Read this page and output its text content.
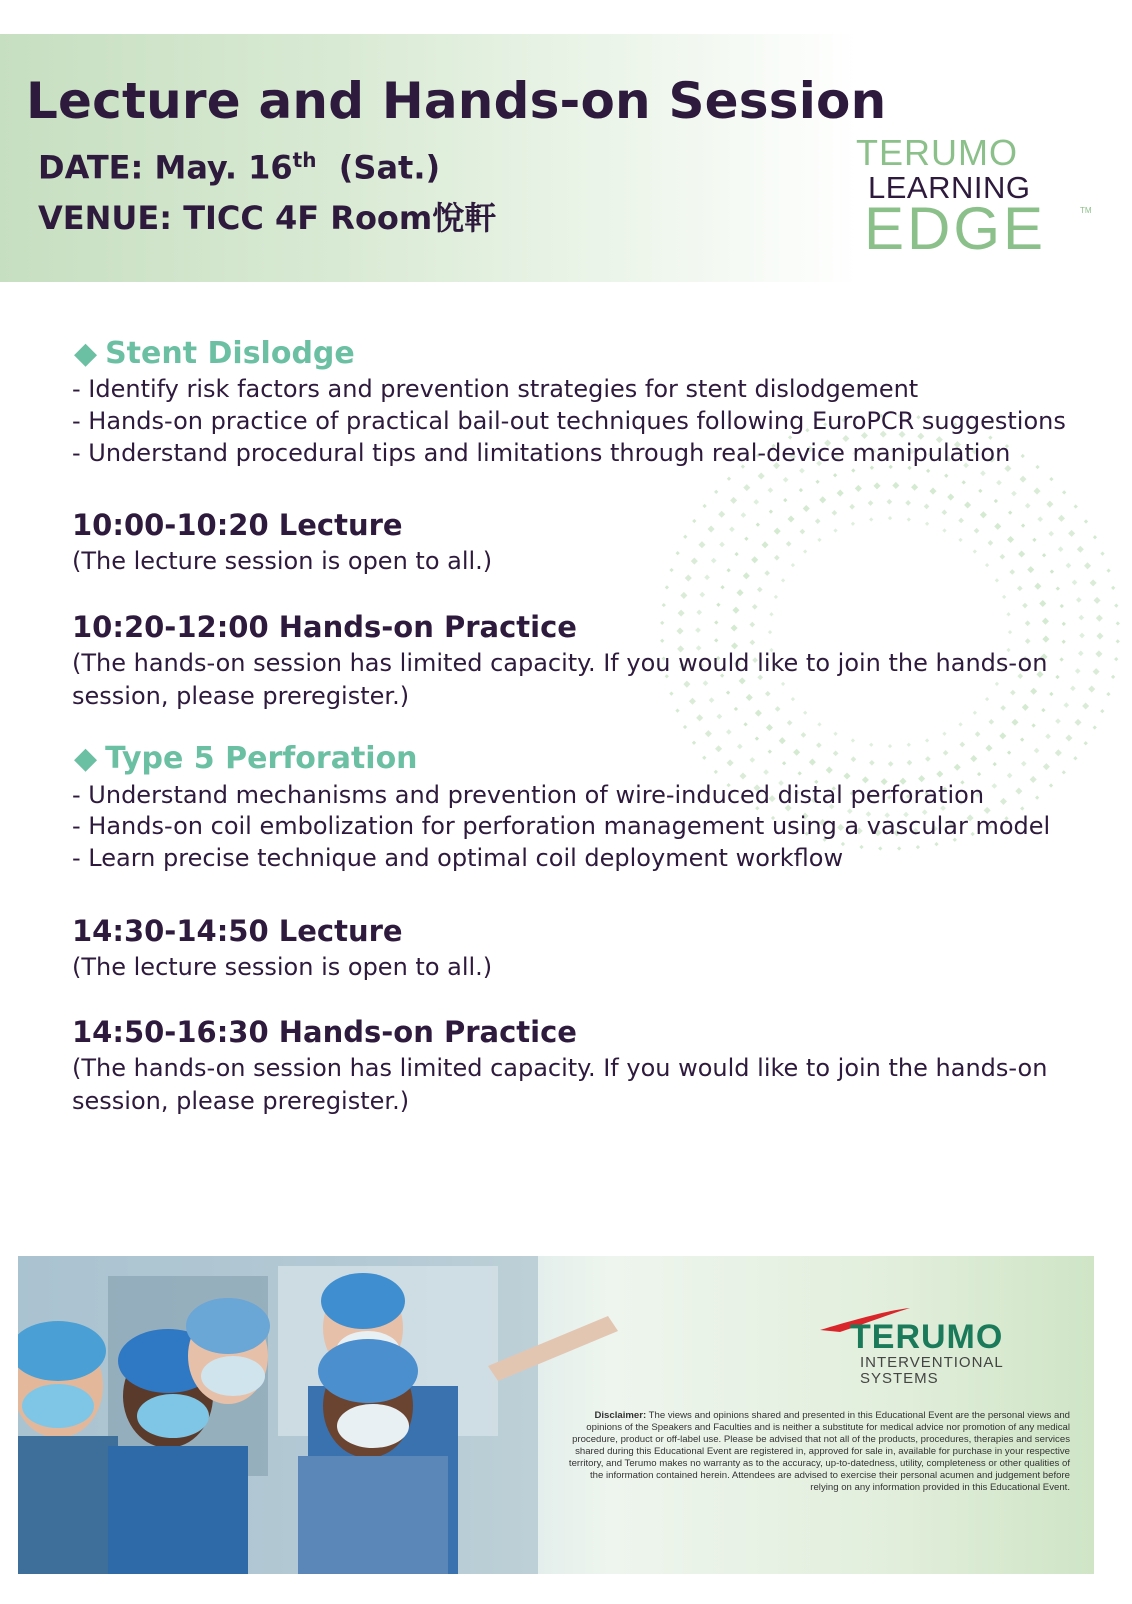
Lecture and Hands-on Session
DATE: May. 16th (Sat.)
VENUE: TICC 4F Room悅軒
TERUMO
LEARNING
EDGE	TM
◆ Stent Dislodge
- Identify risk factors and prevention strategies for stent dislodgement
- Hands-on practice of practical bail-out techniques following EuroPCR suggestions
- Understand procedural tips and limitations through real-device manipulation
10:00-10:20 Lecture
(The lecture session is open to all.)
10:20-12:00 Hands-on Practice
(The hands-on session has limited capacity. If you would like to join the hands-on session, please preregister.)
◆ Type 5 Perforation
- Understand mechanisms and prevention of wire-induced distal perforation
- Hands-on coil embolization for perforation management using a vascular model
- Learn precise technique and optimal coil deployment workflow
14:30-14:50 Lecture
(The lecture session is open to all.)
14:50-16:30 Hands-on Practice
(The hands-on session has limited capacity. If you would like to join the hands-on session, please preregister.)
TERUMO
INTERVENTIONAL
SYSTEMS
Disclaimer: The views and opinions shared and presented in this Educational Event are the personal views and opinions of the Speakers and Faculties and is neither a substitute for medical advice nor promotion of any medical procedure, product or off-label use. Please be advised that not all of the products, procedures, therapies and services shared during this Educational Event are registered in, approved for sale in, available for purchase in your respective territory, and Terumo makes no warranty as to the accuracy, up-to-datedness, utility, completeness or other qualities of the information contained herein. Attendees are advised to exercise their personal acumen and judgement before relying on any information provided in this Educational Event.
